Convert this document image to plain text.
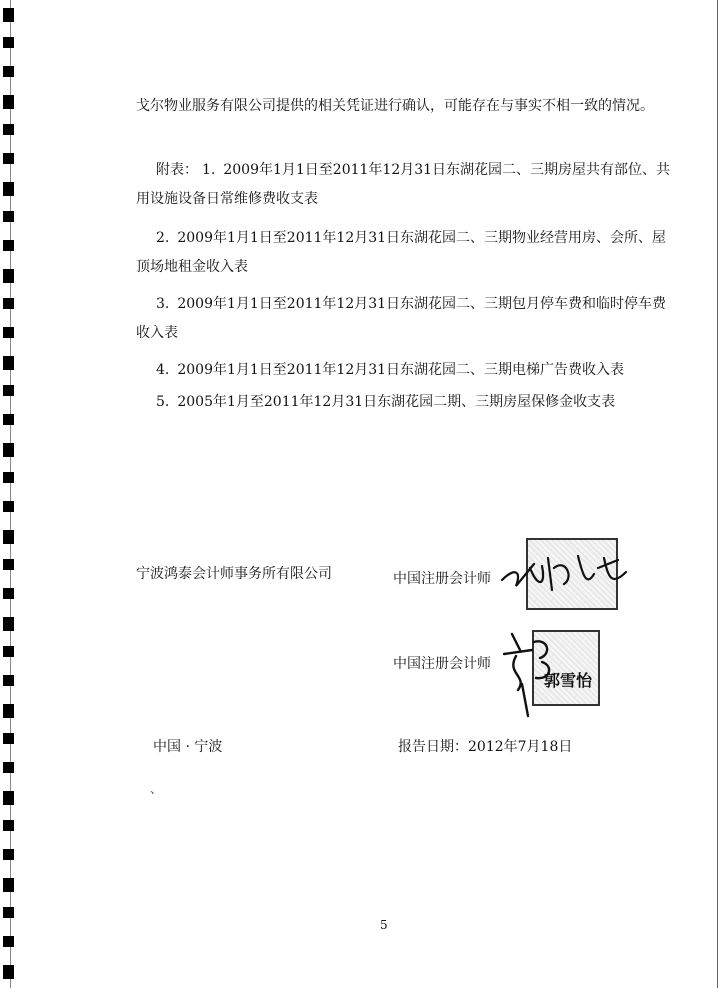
戈尔物业服务有限公司提供的相关凭证进行确认，可能存在与事实不相一致的情况。
附表： 1. 2009年1月1日至2011年12月31日东湖花园二、三期房屋共有部位、共
用设施设备日常维修费收支表
2. 2009年1月1日至2011年12月31日东湖花园二、三期物业经营用房、会所、屋
顶场地租金收入表
3. 2009年1月1日至2011年12月31日东湖花园二、三期包月停车费和临时停车费
收入表
4. 2009年1月1日至2011年12月31日东湖花园二、三期电梯广告费收入表
5. 2005年1月至2011年12月31日东湖花园二期、三期房屋保修金收支表
宁波鸿泰会计师事务所有限公司	中国注册会计师
中国注册会计师
郭雪怡
中国 · 宁波	报告日期：2012年7月18日
、
5
